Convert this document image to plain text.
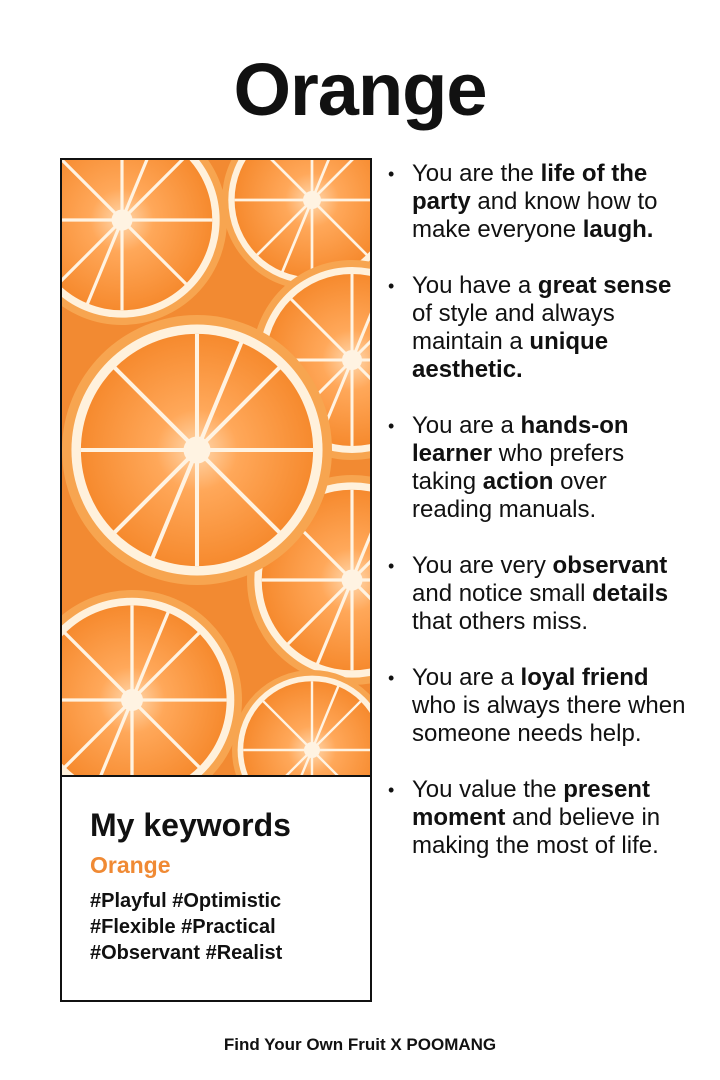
Orange
My keywords
Orange
#Playful #Optimistic
#Flexible #Practical
#Observant #Realist
• You are the life of the party and know how to make everyone laugh.
• You have a great sense of style and always maintain a unique aesthetic.
• You are a hands-on learner who prefers taking action over reading manuals.
• You are very observant and notice small details that others miss.
• You are a loyal friend who is always there when someone needs help.
• You value the present moment and believe in making the most of life.
Find Your Own Fruit X POOMANG
